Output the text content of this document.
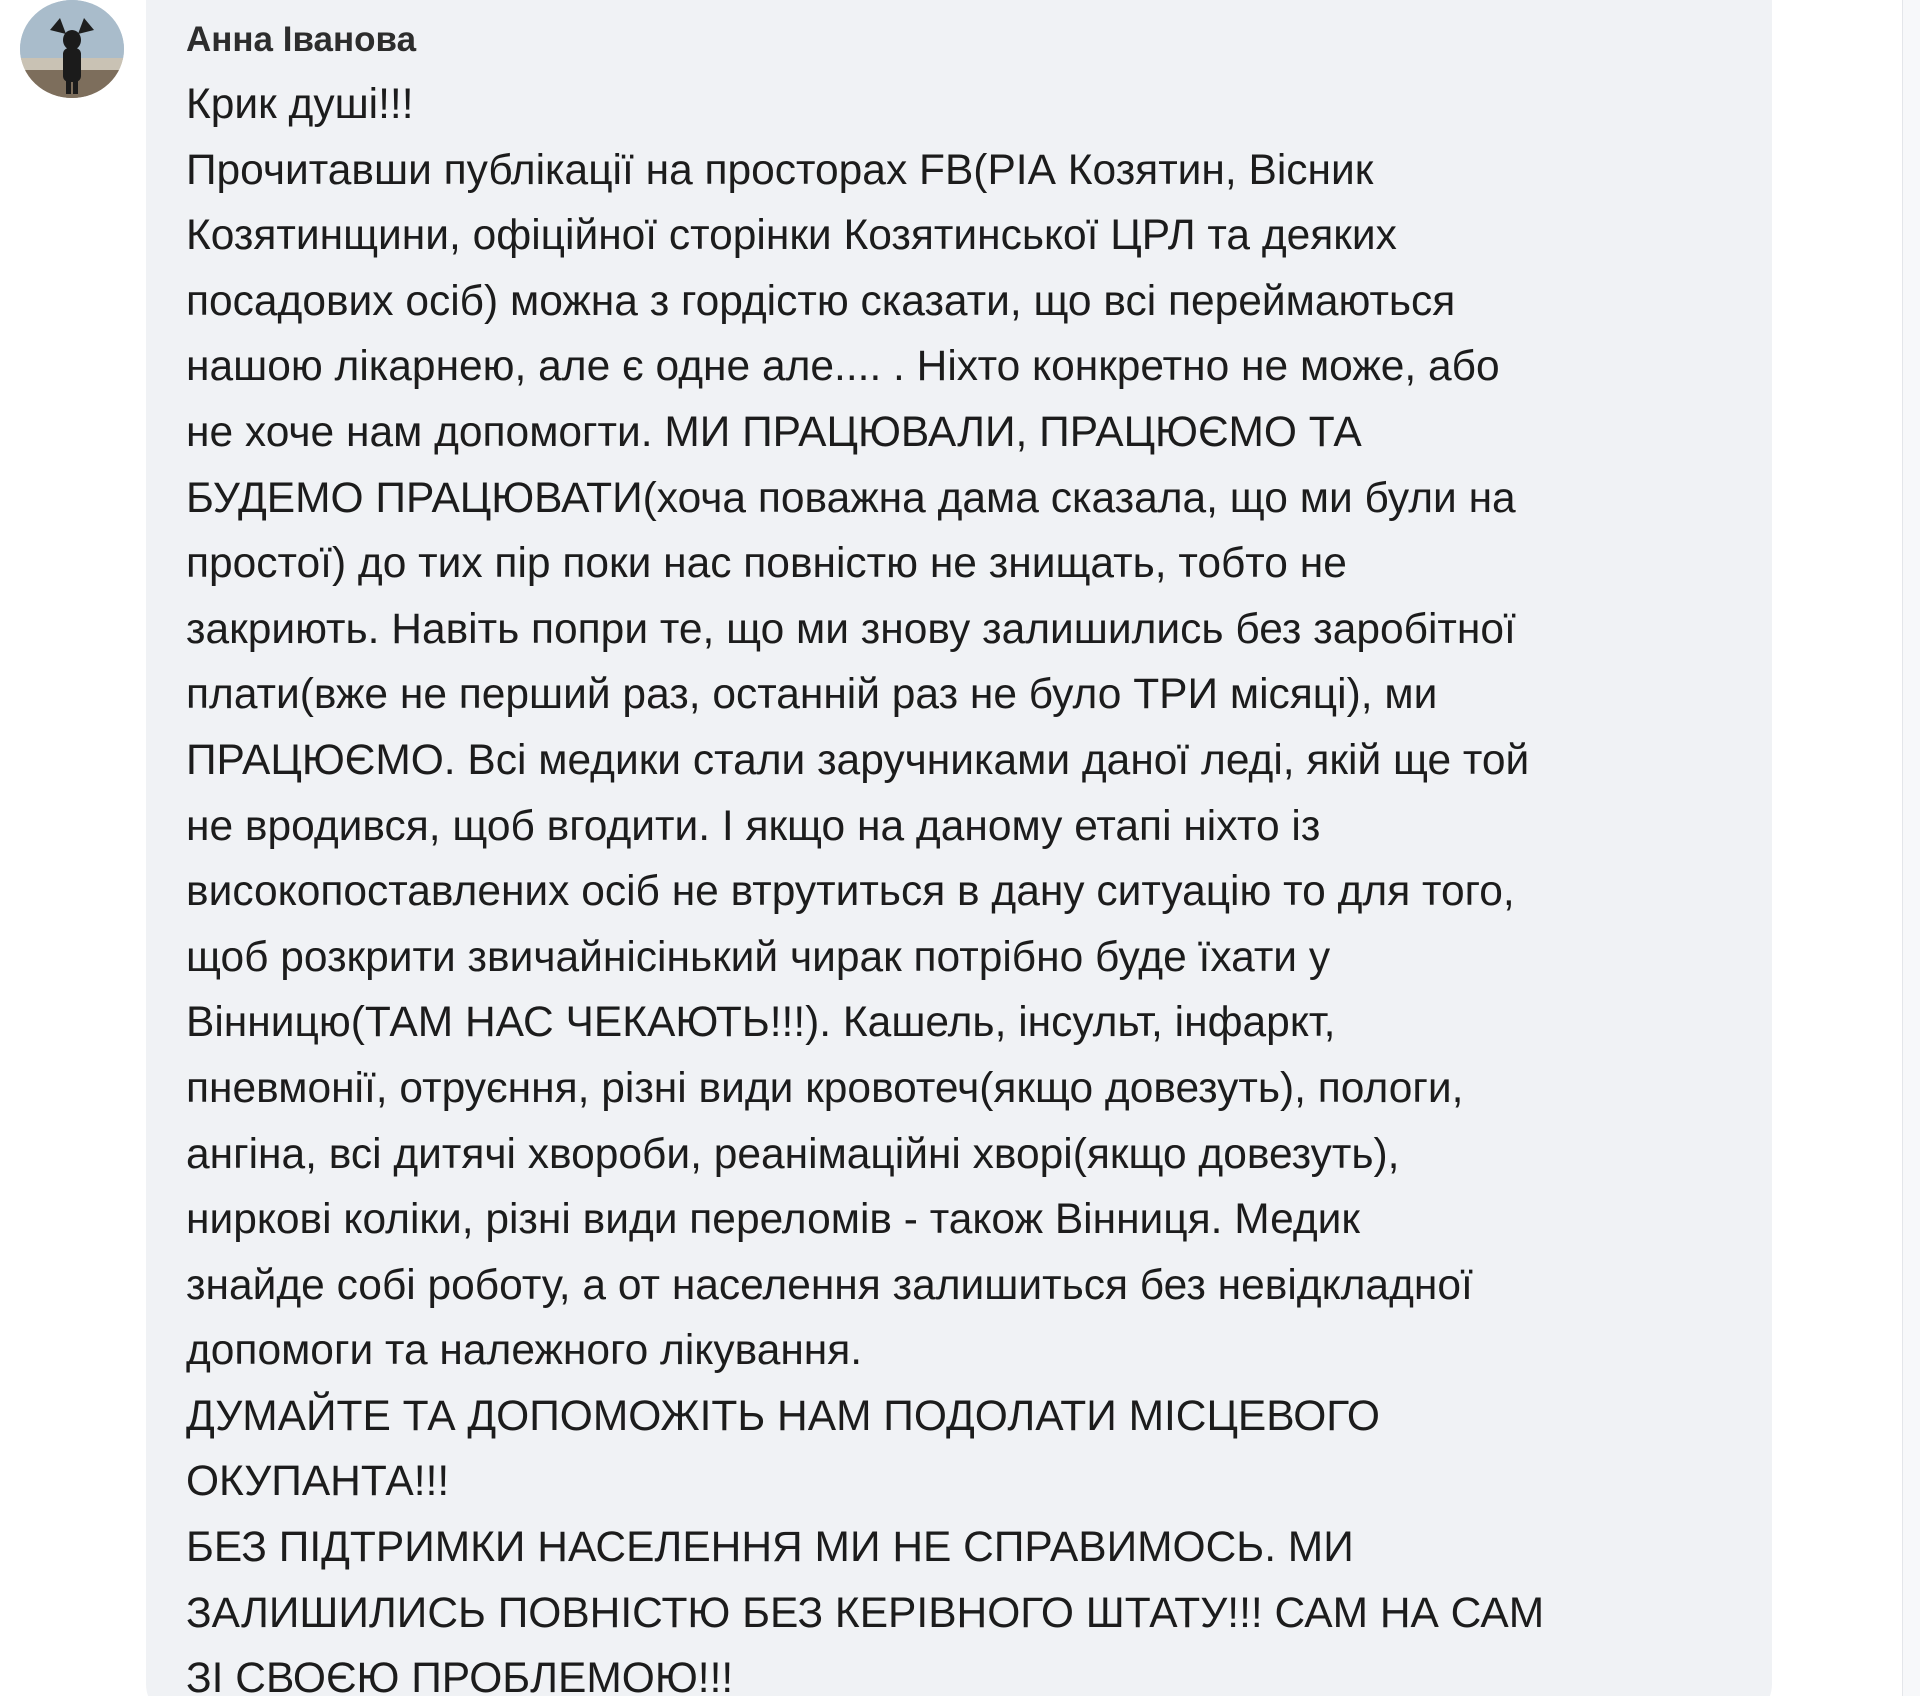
Анна Іванова
Крик душі!!!
Прочитавши публікації на просторах FB(РІА Козятин, Вісник
Козятинщини, офіційної сторінки Козятинської ЦРЛ та деяких
посадових осіб) можна з гордістю сказати, що всі переймаються
нашою лікарнею, але є одне але.... . Ніхто конкретно не може, або
не хоче нам допомогти. МИ ПРАЦЮВАЛИ, ПРАЦЮЄМО ТА
БУДЕМО ПРАЦЮВАТИ(хоча поважна дама сказала, що ми були на
простої) до тих пір поки нас повністю не знищать, тобто не
закриють. Навіть попри те, що ми знову залишились без заробітної
плати(вже не перший раз, останній раз не було ТРИ місяці), ми
ПРАЦЮЄМО. Всі медики стали заручниками даної леді, якій ще той
не вродився, щоб вгодити. І якщо на даному етапі ніхто із
високопоставлених осіб не втрутиться в дану ситуацію то для того,
щоб розкрити звичайнісінький чирак потрібно буде їхати у
Вінницю(ТАМ НАС ЧЕКАЮТЬ!!!). Кашель, інсульт, інфаркт,
пневмонії, отруєння, різні види кровотеч(якщо довезуть), пологи,
ангіна, всі дитячі хвороби, реанімаційні хворі(якщо довезуть),
ниркові коліки, різні види переломів - також Вінниця. Медик
знайде собі роботу, а от населення залишиться без невідкладної
допомоги та належного лікування.
ДУМАЙТЕ ТА ДОПОМОЖІТЬ НАМ ПОДОЛАТИ МІСЦЕВОГО
ОКУПАНТА!!!
БЕЗ ПІДТРИМКИ НАСЕЛЕННЯ МИ НЕ СПРАВИМОСЬ. МИ
ЗАЛИШИЛИСЬ ПОВНІСТЮ БЕЗ КЕРІВНОГО ШТАТУ!!! САМ НА САМ
ЗІ СВОЄЮ ПРОБЛЕМОЮ!!!
